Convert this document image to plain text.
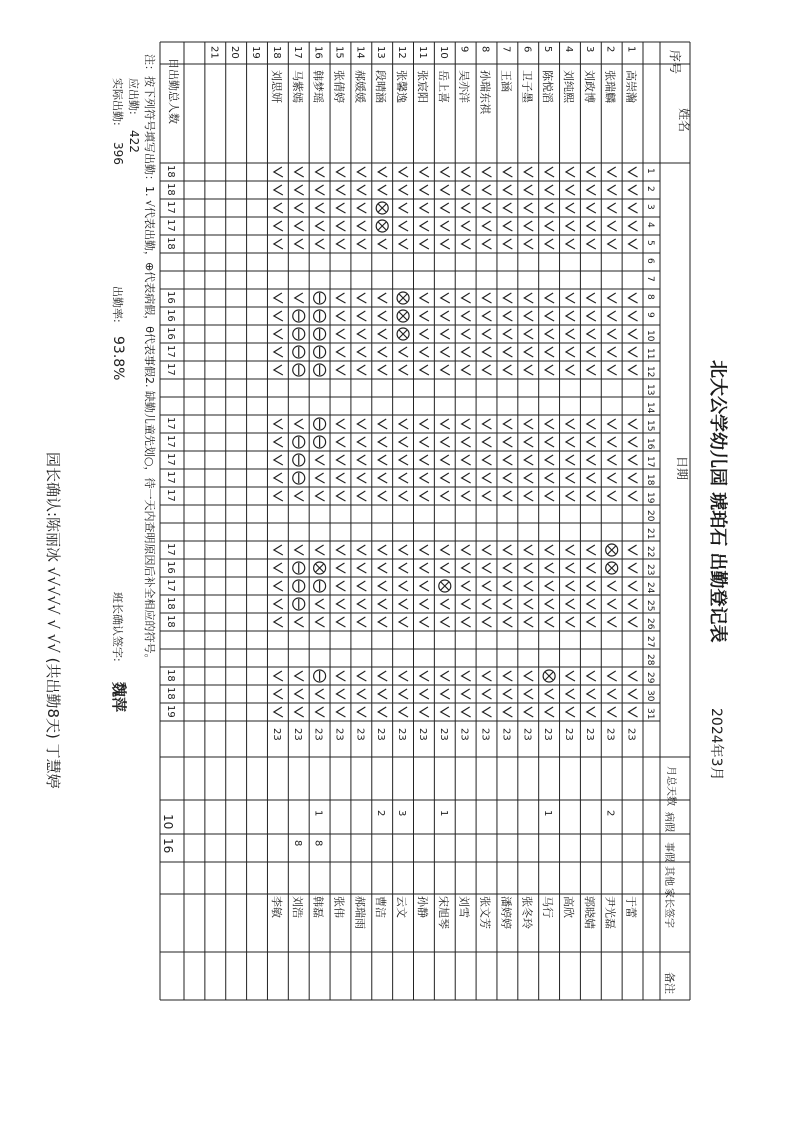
北大公学幼儿园 琥珀石 出勤登记表
2024年3月
序号
姓名
日期
月总天数
病假
事假
其他
家长签字
备注
1
2
3
4
5
6
7
8
9
10
11
12
13
14
15
16
17
18
19
20
21
22
23
24
25
26
27
28
29
30
31
1
高崇瀚
23
于蕾
2
张瑞麟
23
2
尹光磊
3
刘政博
23
郭晓婧
4
刘纯熙
23
高欣
5
陈悦滔
23
1
马行
6
卫子墨
23
张冬玲
7
王涵
23
潘婷婷
8
孙瑞东祺
23
张文芳
9
吴亦洋
23
刘雪
10
岳上喜
23
1
宋旭琴
11
张宸阳
23
孙静
12
张馨逸
23
3
云文
13
段晴涵
23
2
曹洁
14
郝媛媛
23
郝瑞雨
15
张倩婷
23
张伟
16
韩梦瑶
23
1
8
韩磊
17
马紫嫣
23
8
刘浩
18
刘思妍
23
李敏
19
20
21
18
18
17
17
18
16
16
16
17
17
17
17
17
17
17
17
16
17
18
18
18
18
19
日出勤总人数
10
16
注：按下列符号填写出勤：1. √代表出勤，⊕代表病假，θ代表事假2. 缺勤儿童先划○，待一天内查明原因后补全相应的符号。
应出勤:
422
实际出勤:
396
出勤率:
93.8%
班长确认签字:
魏萍
园长确认:陈丽冰 √√√√√ √ √√ (共出勤8天) 丁慧婷
